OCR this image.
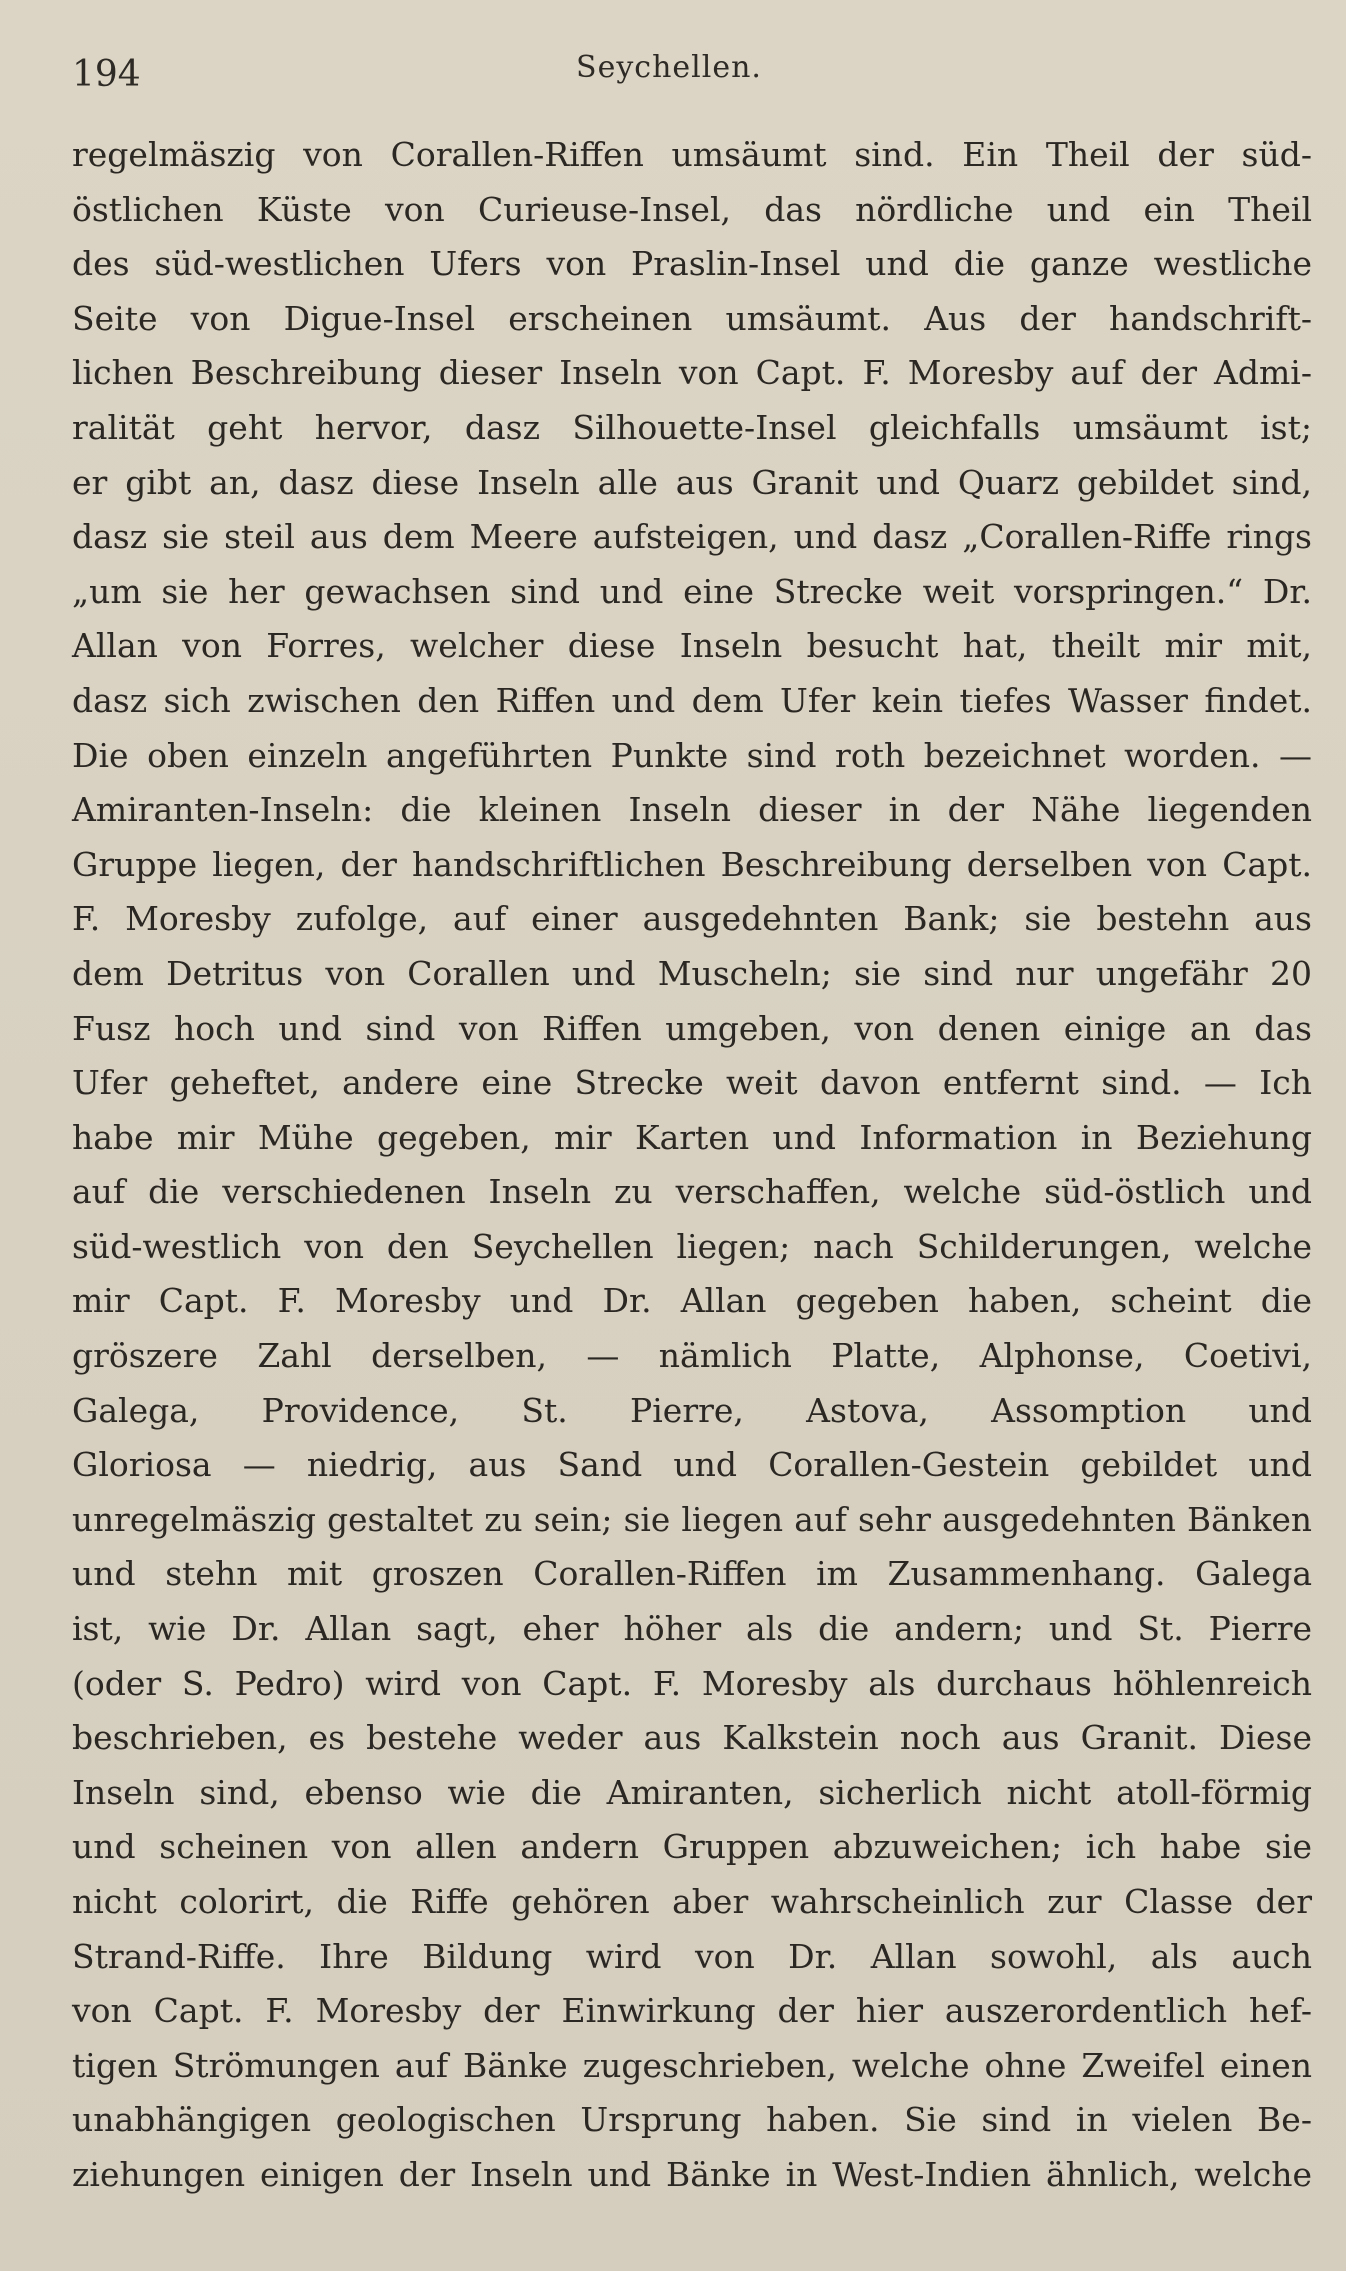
194	Seychellen.
regelmäszig von Corallen-Riffen umsäumt sind. Ein Theil der süd-
östlichen Küste von Curieuse-Insel, das nördliche und ein Theil
des süd-westlichen Ufers von Praslin-Insel und die ganze westliche
Seite von Digue-Insel erscheinen umsäumt. Aus der handschrift-
lichen Beschreibung dieser Inseln von Capt. F. Moresby auf der Admi-
ralität geht hervor, dasz Silhouette-Insel gleichfalls umsäumt ist;
er gibt an, dasz diese Inseln alle aus Granit und Quarz gebildet sind,
dasz sie steil aus dem Meere aufsteigen, und dasz „Corallen-Riffe rings
„um sie her gewachsen sind und eine Strecke weit vorspringen.“ Dr.
Allan von Forres, welcher diese Inseln besucht hat, theilt mir mit,
dasz sich zwischen den Riffen und dem Ufer kein tiefes Wasser findet.
Die oben einzeln angeführten Punkte sind roth bezeichnet worden. —
Amiranten-Inseln: die kleinen Inseln dieser in der Nähe liegenden
Gruppe liegen, der handschriftlichen Beschreibung derselben von Capt.
F. Moresby zufolge, auf einer ausgedehnten Bank; sie bestehn aus
dem Detritus von Corallen und Muscheln; sie sind nur ungefähr 20
Fusz hoch und sind von Riffen umgeben, von denen einige an das
Ufer geheftet, andere eine Strecke weit davon entfernt sind. — Ich
habe mir Mühe gegeben, mir Karten und Information in Beziehung
auf die verschiedenen Inseln zu verschaffen, welche süd-östlich und
süd-westlich von den Seychellen liegen; nach Schilderungen, welche
mir Capt. F. Moresby und Dr. Allan gegeben haben, scheint die
grös​zere Zahl derselben, — nämlich Platte, Alphonse, Coetivi,
Galega, Providence, St. Pierre, Astova, Assomption und
Gloriosa — niedrig, aus Sand und Corallen-Gestein gebildet und
unregelmäszig gestaltet zu sein; sie liegen auf sehr ausgedehnten Bänken
und stehn mit groszen Corallen-Riffen im Zusammenhang. Galega
ist, wie Dr. Allan sagt, eher höher als die andern; und St. Pierre
(oder S. Pedro) wird von Capt. F. Moresby als durchaus höhlenreich
beschrieben, es bestehe weder aus Kalkstein noch aus Granit. Diese
Inseln sind, ebenso wie die Amiranten, sicherlich nicht atoll-förmig
und scheinen von allen andern Gruppen abzuweichen; ich habe sie
nicht colorirt, die Riffe gehören aber wahrscheinlich zur Classe der
Strand-Riffe. Ihre Bildung wird von Dr. Allan sowohl, als auch
von Capt. F. Moresby der Einwirkung der hier auszerordentlich hef-
tigen Strömungen auf Bänke zugeschrieben, welche ohne Zweifel einen
unabhängigen geologischen Ursprung haben. Sie sind in vielen Be-
ziehungen einigen der Inseln und Bänke in West-Indien ähnlich, welche
